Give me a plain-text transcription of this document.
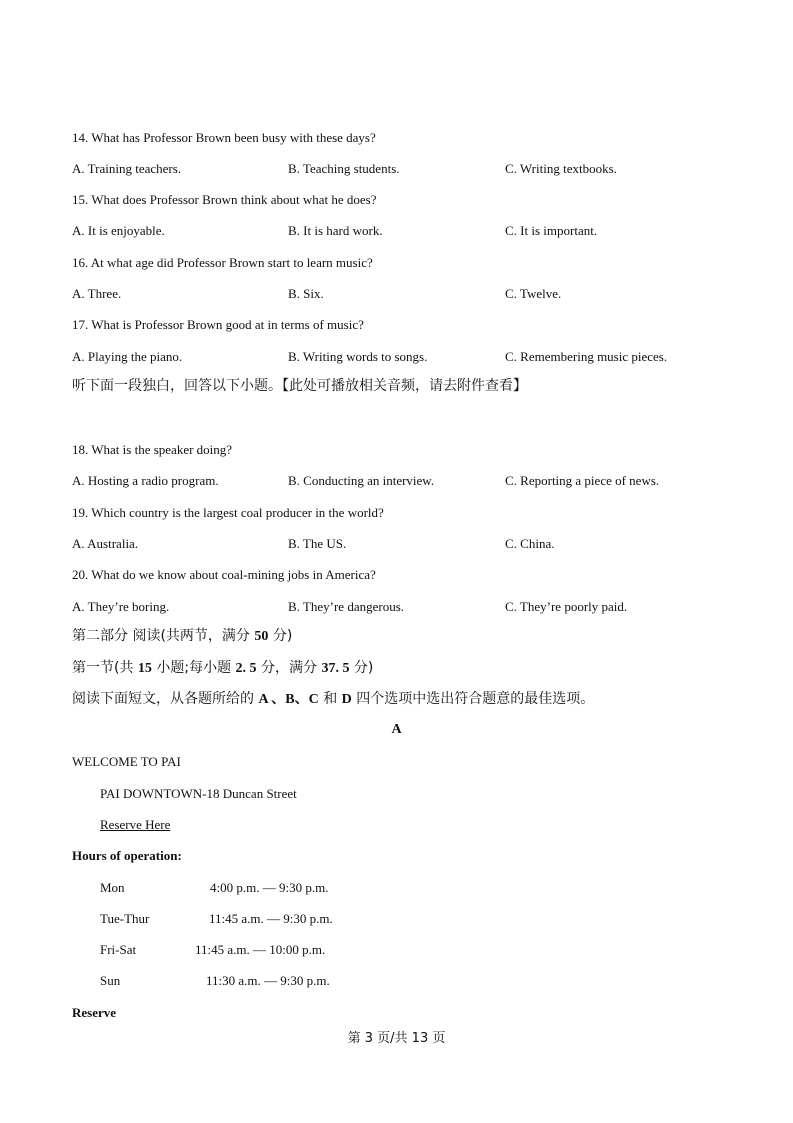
14. What has Professor Brown been busy with these days?
A. Training teachers.	B. Teaching students.	C. Writing textbooks.
15. What does Professor Brown think about what he does?
A. It is enjoyable.	B. It is hard work.	C. It is important.
16. At what age did Professor Brown start to learn music?
A. Three.	B. Six.	C. Twelve.
17. What is Professor Brown good at in terms of music?
A. Playing the piano.	B. Writing words to songs.	C. Remembering music pieces.
听下面一段独白，回答以下小题。【此处可播放相关音频，请去附件查看】
18. What is the speaker doing?
A. Hosting a radio program.	B. Conducting an interview.	C. Reporting a piece of news.
19. Which country is the largest coal producer in the world?
A. Australia.	B. The US.	C. China.
20. What do we know about coal-mining jobs in America?
A. They’re boring.	B. They’re dangerous.	C. They’re poorly paid.
第二部分 阅读(共两节，满分 50 分)
第一节(共 15 小题;每小题 2. 5 分，满分 37. 5 分)
阅读下面短文，从各题所给的 A 、B、C 和 D 四个选项中选出符合题意的最佳选项。
A
WELCOME TO PAI
PAI DOWNTOWN-18 Duncan Street
Reserve Here
Hours of operation:
Mon	4:00 p.m. — 9:30 p.m.
Tue-Thur	11:45 a.m. — 9:30 p.m.
Fri-Sat	11:45 a.m. — 10:00 p.m.
Sun	11:30 a.m. — 9:30 p.m.
Reserve
第 3 页/共 13 页
